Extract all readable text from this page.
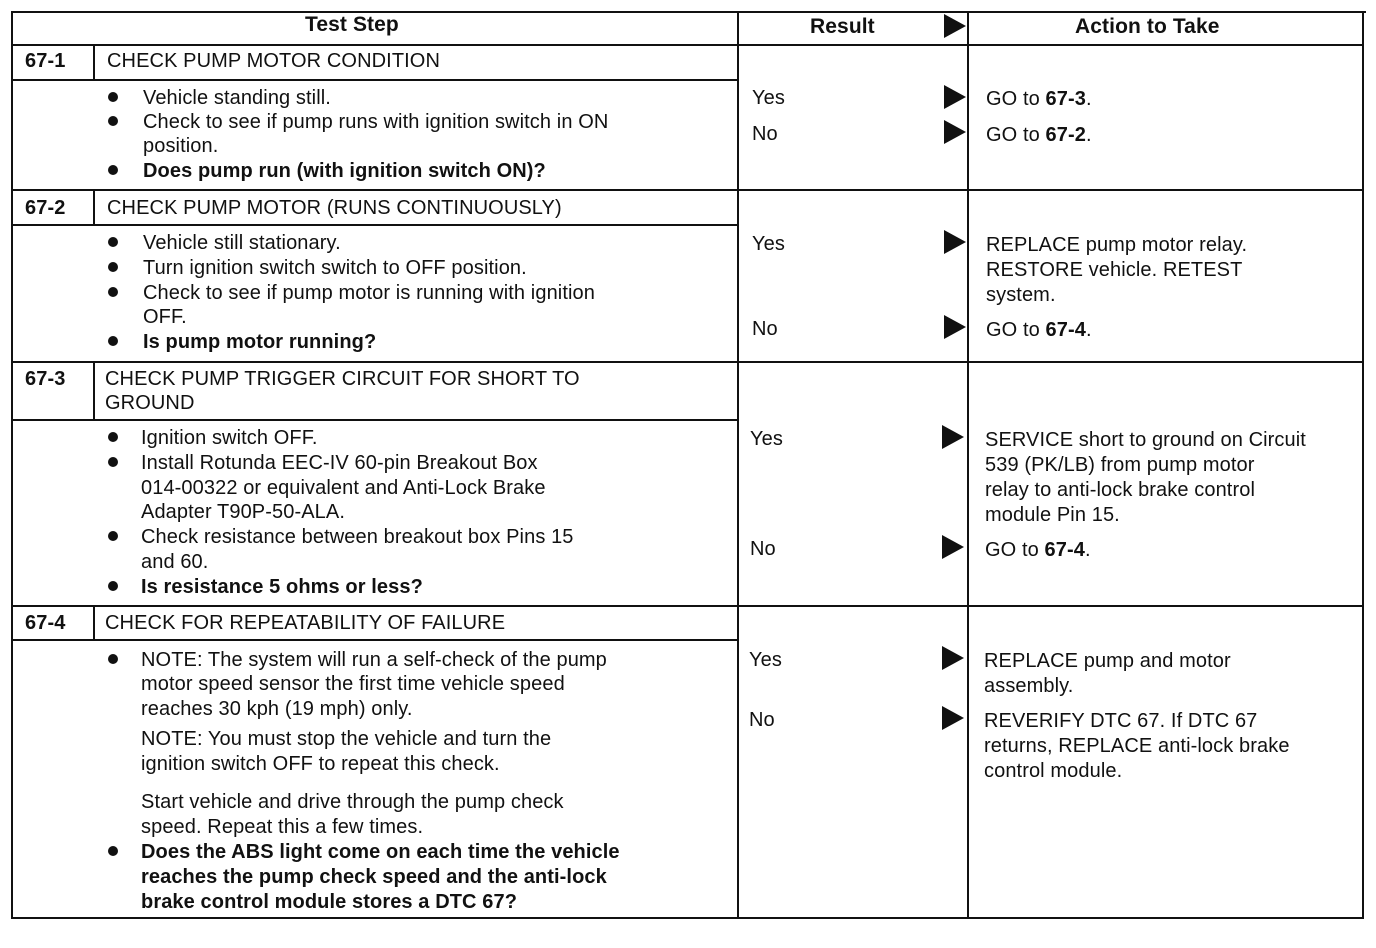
Test Step	Result	Action to Take
67-1 CHECK PUMP MOTOR CONDITION
Vehicle standing still.
Check to see if pump runs with ignition switch in ON
position.
Does pump run (with ignition switch ON)?
Yes	GO to 67-3.
No	GO to 67-2.
67-2 CHECK PUMP MOTOR (RUNS CONTINUOUSLY)
Vehicle still stationary.
Turn ignition switch switch to OFF position.
Check to see if pump motor is running with ignition
OFF.
Is pump motor running?
Yes	REPLACE pump motor relay.
RESTORE vehicle. RETEST
system.
No	GO to 67-4.
67-3 CHECK PUMP TRIGGER CIRCUIT FOR SHORT TO
GROUND
Ignition switch OFF.
Install Rotunda EEC-IV 60-pin Breakout Box
014-00322 or equivalent and Anti-Lock Brake
Adapter T90P-50-ALA.
Check resistance between breakout box Pins 15
and 60.
Is resistance 5 ohms or less?
Yes	SERVICE short to ground on Circuit
539 (PK/LB) from pump motor
relay to anti-lock brake control
module Pin 15.
No	GO to 67-4.
67-4 CHECK FOR REPEATABILITY OF FAILURE
NOTE: The system will run a self-check of the pump
motor speed sensor the first time vehicle speed
reaches 30 kph (19 mph) only.
NOTE: You must stop the vehicle and turn the
ignition switch OFF to repeat this check.
Start vehicle and drive through the pump check
speed. Repeat this a few times.
Does the ABS light come on each time the vehicle
reaches the pump check speed and the anti-lock
brake control module stores a DTC 67?
Yes	REPLACE pump and motor
assembly.
No	REVERIFY DTC 67. If DTC 67
returns, REPLACE anti-lock brake
control module.
